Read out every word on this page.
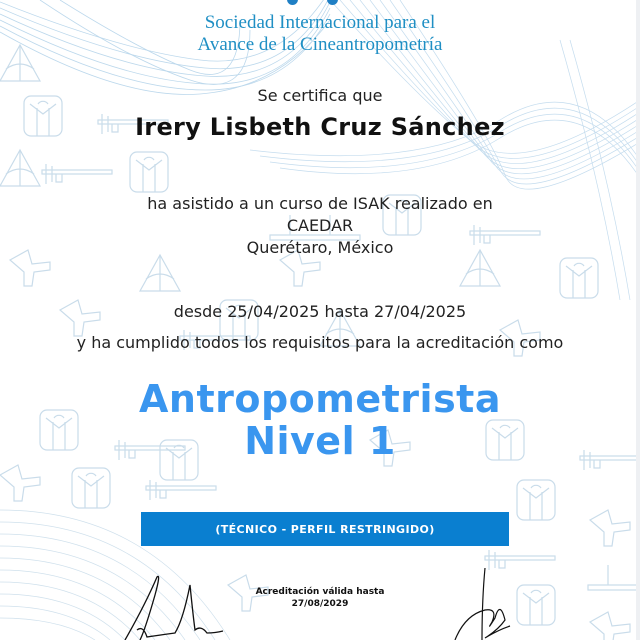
Sociedad Internacional para el
Avance de la Cineantropometría
Se certifica que
Irery Lisbeth Cruz Sánchez
ha asistido a un curso de ISAK realizado en
CAEDAR
Querétaro, México
desde 25/04/2025 hasta 27/04/2025
y ha cumplido todos los requisitos para la acreditación como
Antropometrista
Nivel 1
(TÉCNICO - PERFIL RESTRINGIDO)
Acreditación válida hasta
27/08/2029
